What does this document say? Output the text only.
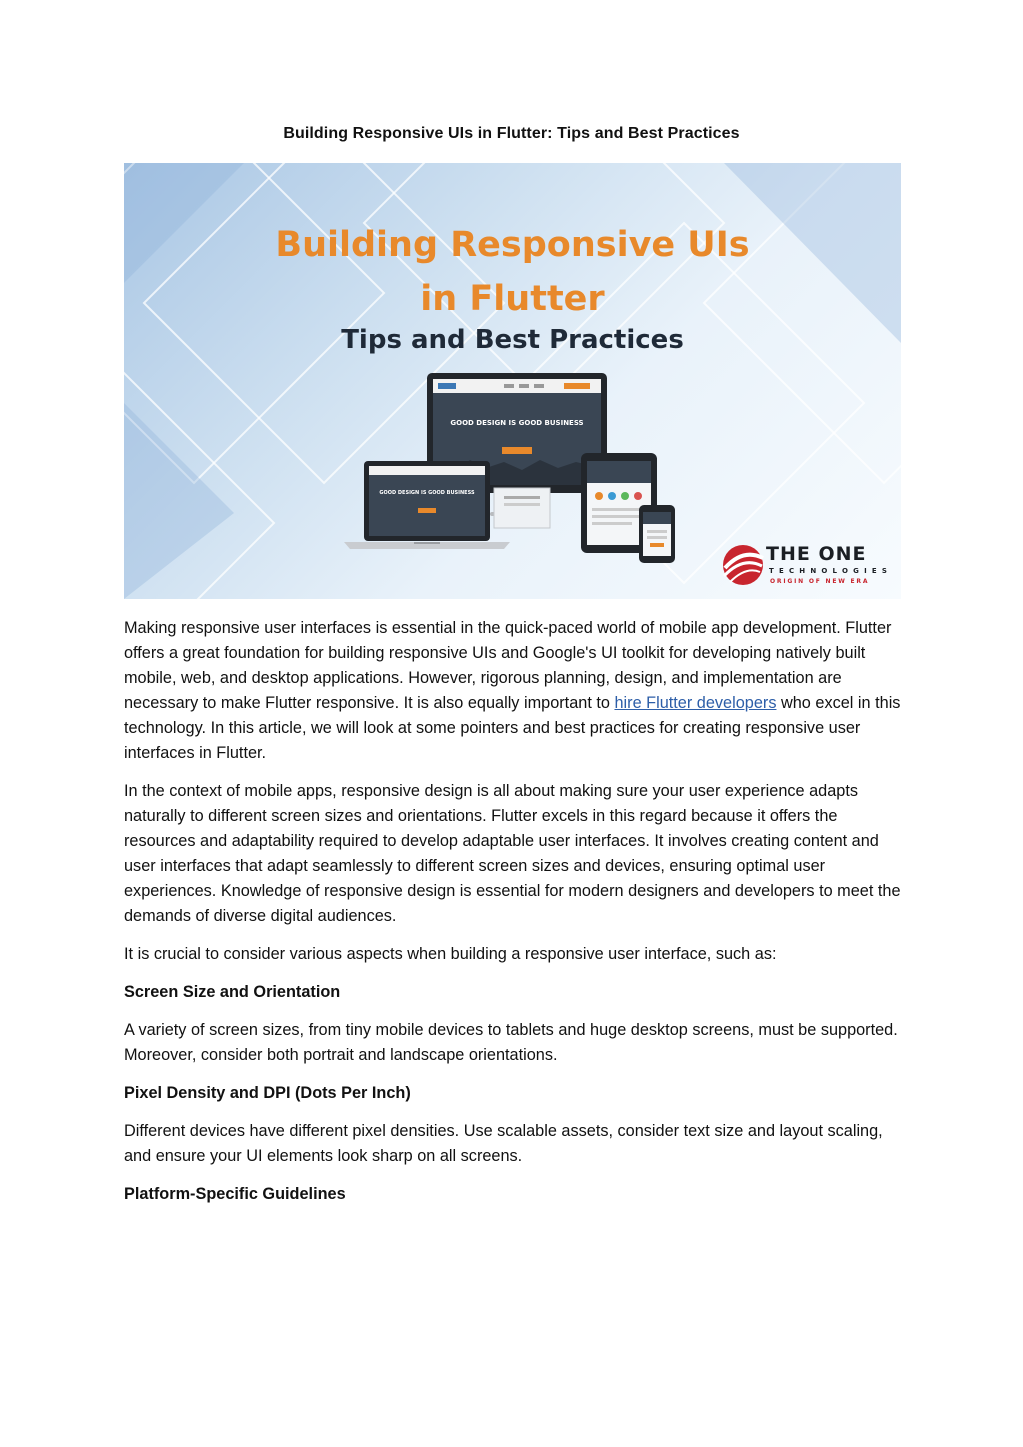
Building Responsive UIs in Flutter: Tips and Best Practices
Building Responsive UIs
in Flutter
Tips and Best Practices
GOOD DESIGN IS GOOD BUSINESS
GOOD DESIGN IS GOOD BUSINESS
THE ONE
TECHNOLOGIES
ORIGIN OF NEW ERA

Making responsive user interfaces is essential in the quick-paced world of mobile app development. Flutter offers a great foundation for building responsive UIs and Google's UI toolkit for developing natively built mobile, web, and desktop applications. However, rigorous planning, design, and implementation are necessary to make Flutter responsive. It is also equally important to hire Flutter developers who excel in this technology. In this article, we will look at some pointers and best practices for creating responsive user interfaces in Flutter.

In the context of mobile apps, responsive design is all about making sure your user experience adapts naturally to different screen sizes and orientations. Flutter excels in this regard because it offers the resources and adaptability required to develop adaptable user interfaces. It involves creating content and user interfaces that adapt seamlessly to different screen sizes and devices, ensuring optimal user experiences. Knowledge of responsive design is essential for modern designers and developers to meet the demands of diverse digital audiences.

It is crucial to consider various aspects when building a responsive user interface, such as:

Screen Size and Orientation

A variety of screen sizes, from tiny mobile devices to tablets and huge desktop screens, must be supported. Moreover, consider both portrait and landscape orientations.

Pixel Density and DPI (Dots Per Inch)

Different devices have different pixel densities. Use scalable assets, consider text size and layout scaling, and ensure your UI elements look sharp on all screens.

Platform-Specific Guidelines
